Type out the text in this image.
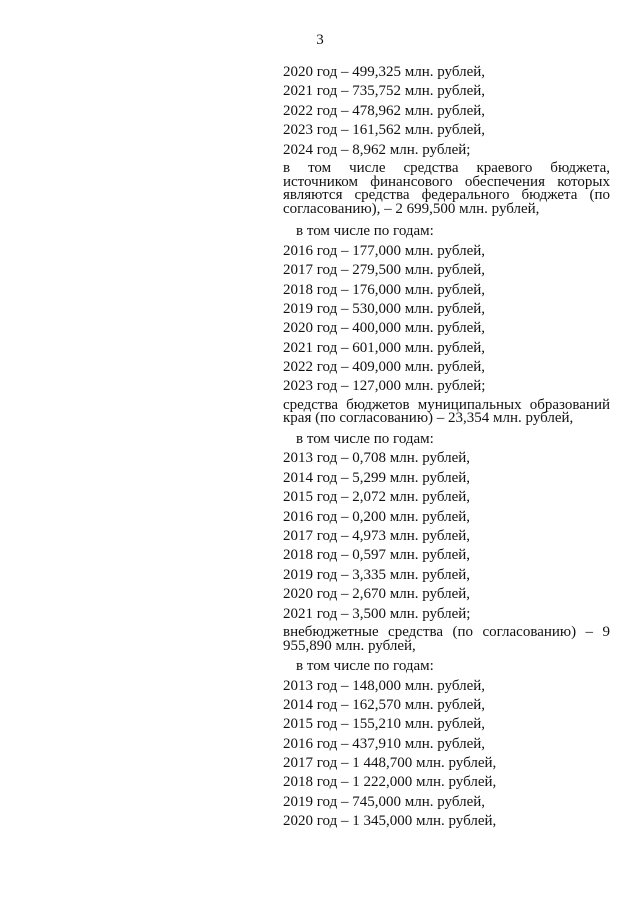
3
2020 год – 499,325 млн. рублей,
2021 год – 735,752 млн. рублей,
2022 год – 478,962 млн. рублей,
2023 год – 161,562 млн. рублей,
2024 год – 8,962 млн. рублей;
в том числе средства краевого бюджета, источником финансового обеспечения которых являются средства федерального бюджета (по согласованию), – 2 699,500 млн. рублей,
в том числе по годам:
2016 год – 177,000 млн. рублей,
2017 год – 279,500 млн. рублей,
2018 год – 176,000 млн. рублей,
2019 год – 530,000 млн. рублей,
2020 год – 400,000 млн. рублей,
2021 год – 601,000 млн. рублей,
2022 год – 409,000 млн. рублей,
2023 год – 127,000 млн. рублей;
средства бюджетов муниципальных образований края (по согласованию) – 23,354 млн. рублей,
в том числе по годам:
2013 год – 0,708 млн. рублей,
2014 год – 5,299 млн. рублей,
2015 год – 2,072 млн. рублей,
2016 год – 0,200 млн. рублей,
2017 год – 4,973 млн. рублей,
2018 год – 0,597 млн. рублей,
2019 год – 3,335 млн. рублей,
2020 год – 2,670 млн. рублей,
2021 год – 3,500 млн. рублей;
внебюджетные средства (по согласованию) – 9 955,890 млн. рублей,
в том числе по годам:
2013 год – 148,000 млн. рублей,
2014 год – 162,570 млн. рублей,
2015 год – 155,210 млн. рублей,
2016 год – 437,910 млн. рублей,
2017 год – 1 448,700 млн. рублей,
2018 год – 1 222,000 млн. рублей,
2019 год – 745,000 млн. рублей,
2020 год – 1 345,000 млн. рублей,
